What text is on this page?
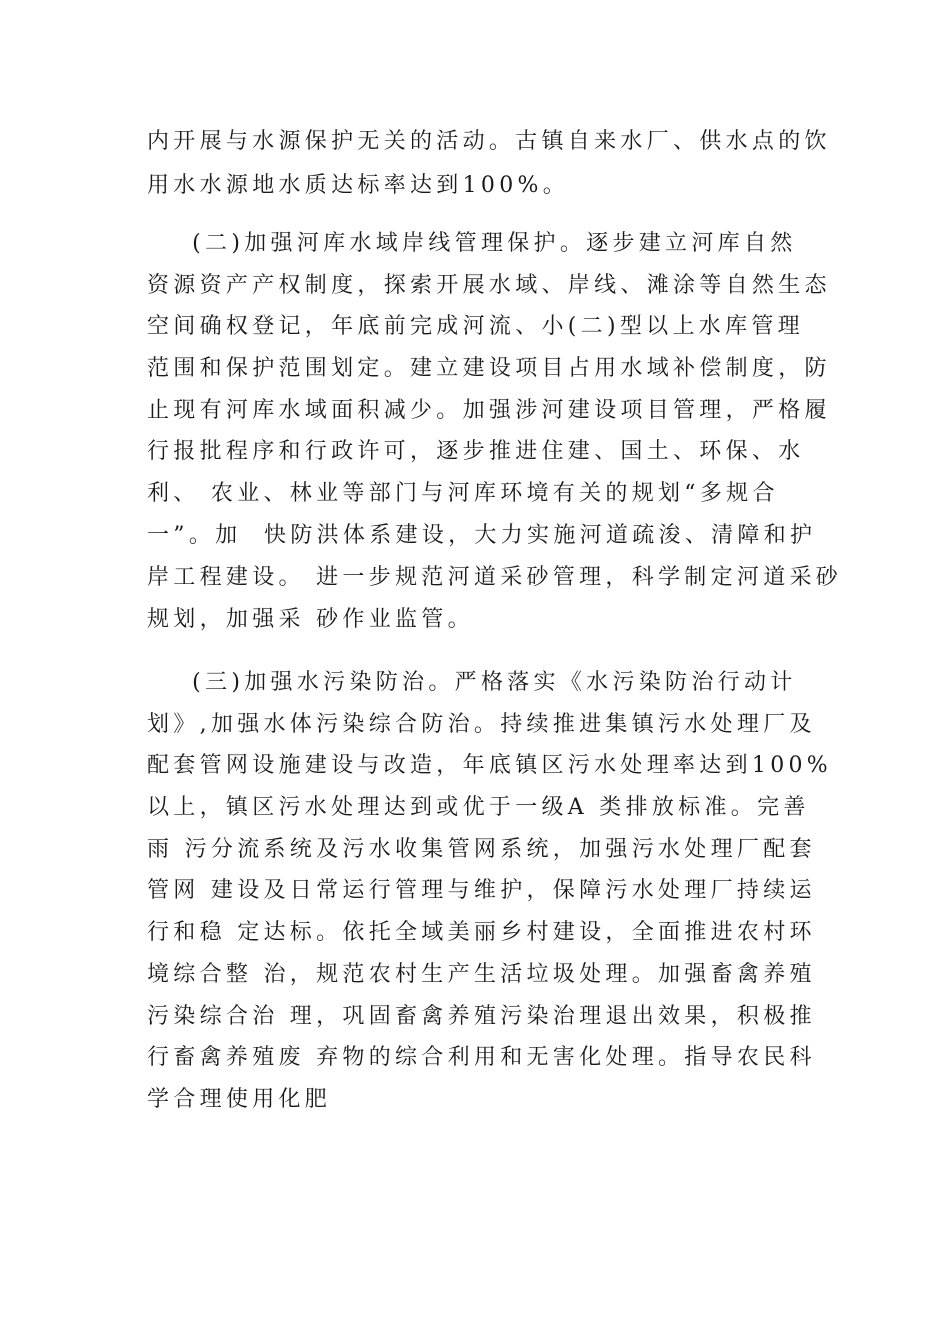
内开展与水源保护无关的活动。古镇自来水厂、供水点的饮
用水水源地水质达标率达到100%。
(二)加强河库水域岸线管理保护。逐步建立河库自然
资源资产产权制度，探索开展水域、岸线、滩涂等自然生态
空间确权登记，年底前完成河流、小(二)型以上水库管理
范围和保护范围划定。建立建设项目占用水域补偿制度，防
止现有河库水域面积减少。加强涉河建设项目管理，严格履
行报批程序和行政许可，逐步推进住建、国土、环保、水
利、 农业、林业等部门与河库环境有关的规划“多规合
一”。加  快防洪体系建设，大力实施河道疏浚、清障和护
岸工程建设。 进一步规范河道采砂管理，科学制定河道采砂
规划，加强采 砂作业监管。
(三)加强水污染防治。严格落实《水污染防治行动计
划》,加强水体污染综合防治。持续推进集镇污水处理厂及
配套管网设施建设与改造，年底镇区污水处理率达到100%
以上，镇区污水处理达到或优于一级A 类排放标准。完善
雨 污分流系统及污水收集管网系统，加强污水处理厂配套
管网 建设及日常运行管理与维护，保障污水处理厂持续运
行和稳 定达标。依托全域美丽乡村建设，全面推进农村环
境综合整 治，规范农村生产生活垃圾处理。加强畜禽养殖
污染综合治 理，巩固畜禽养殖污染治理退出效果，积极推
行畜禽养殖废 弃物的综合利用和无害化处理。指导农民科
学合理使用化肥
